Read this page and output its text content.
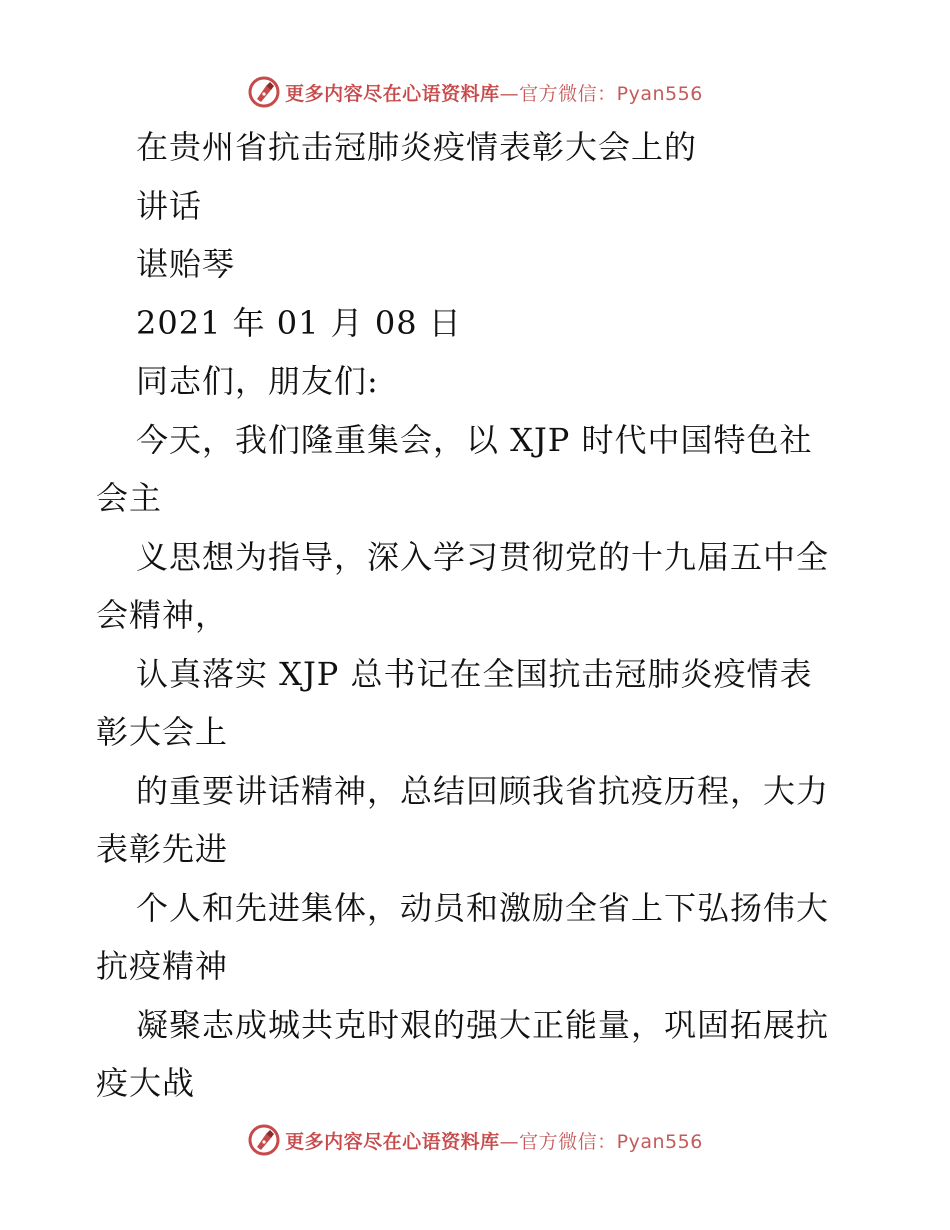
更多内容尽在心语资料库—官方微信：Pyan556
在贵州省抗击冠肺炎疫情表彰大会上的
讲话
谌贻琴
2021 年 01 月 08 日
同志们，朋友们:
今天，我们隆重集会，以 XJP 时代中国特色社
会主
义思想为指导，深入学习贯彻党的十九届五中全
会精神，
认真落实 XJP 总书记在全国抗击冠肺炎疫情表
彰大会上
的重要讲话精神，总结回顾我省抗疫历程，大力
表彰先进
个人和先进集体，动员和激励全省上下弘扬伟大
抗疫精神
凝聚志成城共克时艰的强大正能量，巩固拓展抗
疫大战
更多内容尽在心语资料库—官方微信：Pyan556
